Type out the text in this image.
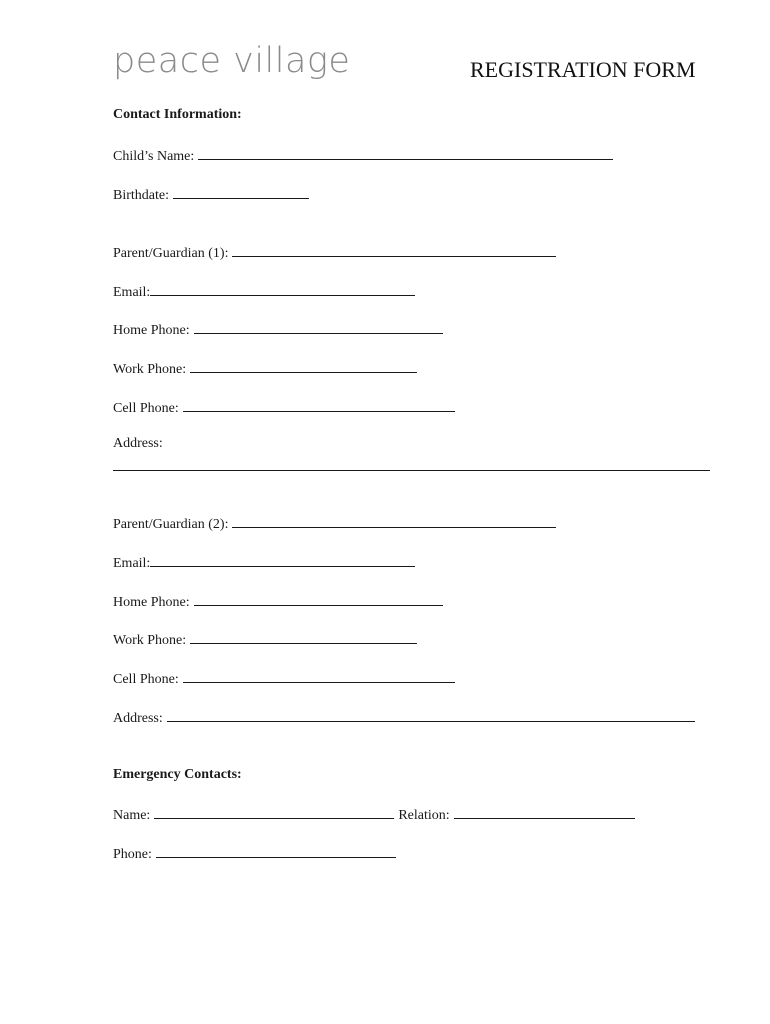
peace village	REGISTRATION FORM
Contact Information:
Child’s Name:
Birthdate:
Parent/Guardian (1):
Email:
Home Phone:
Work Phone:
Cell Phone:
Address:
Parent/Guardian (2):
Email:
Home Phone:
Work Phone:
Cell Phone:
Address:
Emergency Contacts:
Name:	Relation:
Phone:
